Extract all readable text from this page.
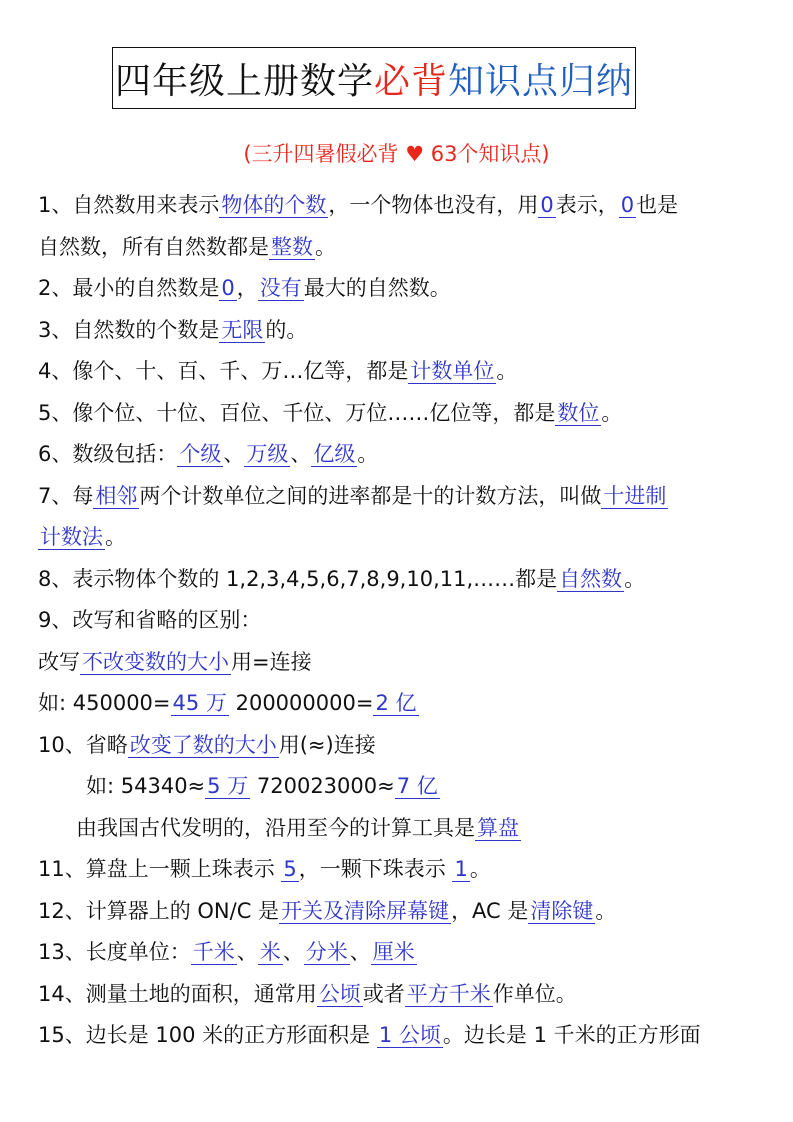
四年级上册数学 必背 知识点归纳
(三升四暑假必背 ♥ 63个知识点)
1、自然数用来表示物体的个数，一个物体也没有，用0表示，0也是
自然数，所有自然数都是整数。
2、最小的自然数是0，没有最大的自然数。
3、自然数的个数是无限的。
4、像个、十、百、千、万…亿等，都是计数单位。
5、像个位、十位、百位、千位、万位……亿位等，都是数位。
6、数级包括：个级、万级、亿级。
7、每相邻两个计数单位之间的进率都是十的计数方法，叫做十进制
计数法。
8、表示物体个数的 1,2,3,4,5,6,7,8,9,10,11,……都是自然数。
9、改写和省略的区别：
改写不改变数的大小用=连接
如: 450000=45 万 200000000=2 亿
10、省略改变了数的大小用(≈)连接
如: 54340≈5 万 720023000≈7 亿
由我国古代发明的，沿用至今的计算工具是算盘
11、算盘上一颗上珠表示 5，一颗下珠表示 1。
12、计算器上的 ON/C 是开关及清除屏幕键，AC 是清除键。
13、长度单位：千米、米、分米、厘米
14、测量土地的面积，通常用公顷或者平方千米作单位。
15、边长是 100 米的正方形面积是 1 公顷。边长是 1 千米的正方形面
